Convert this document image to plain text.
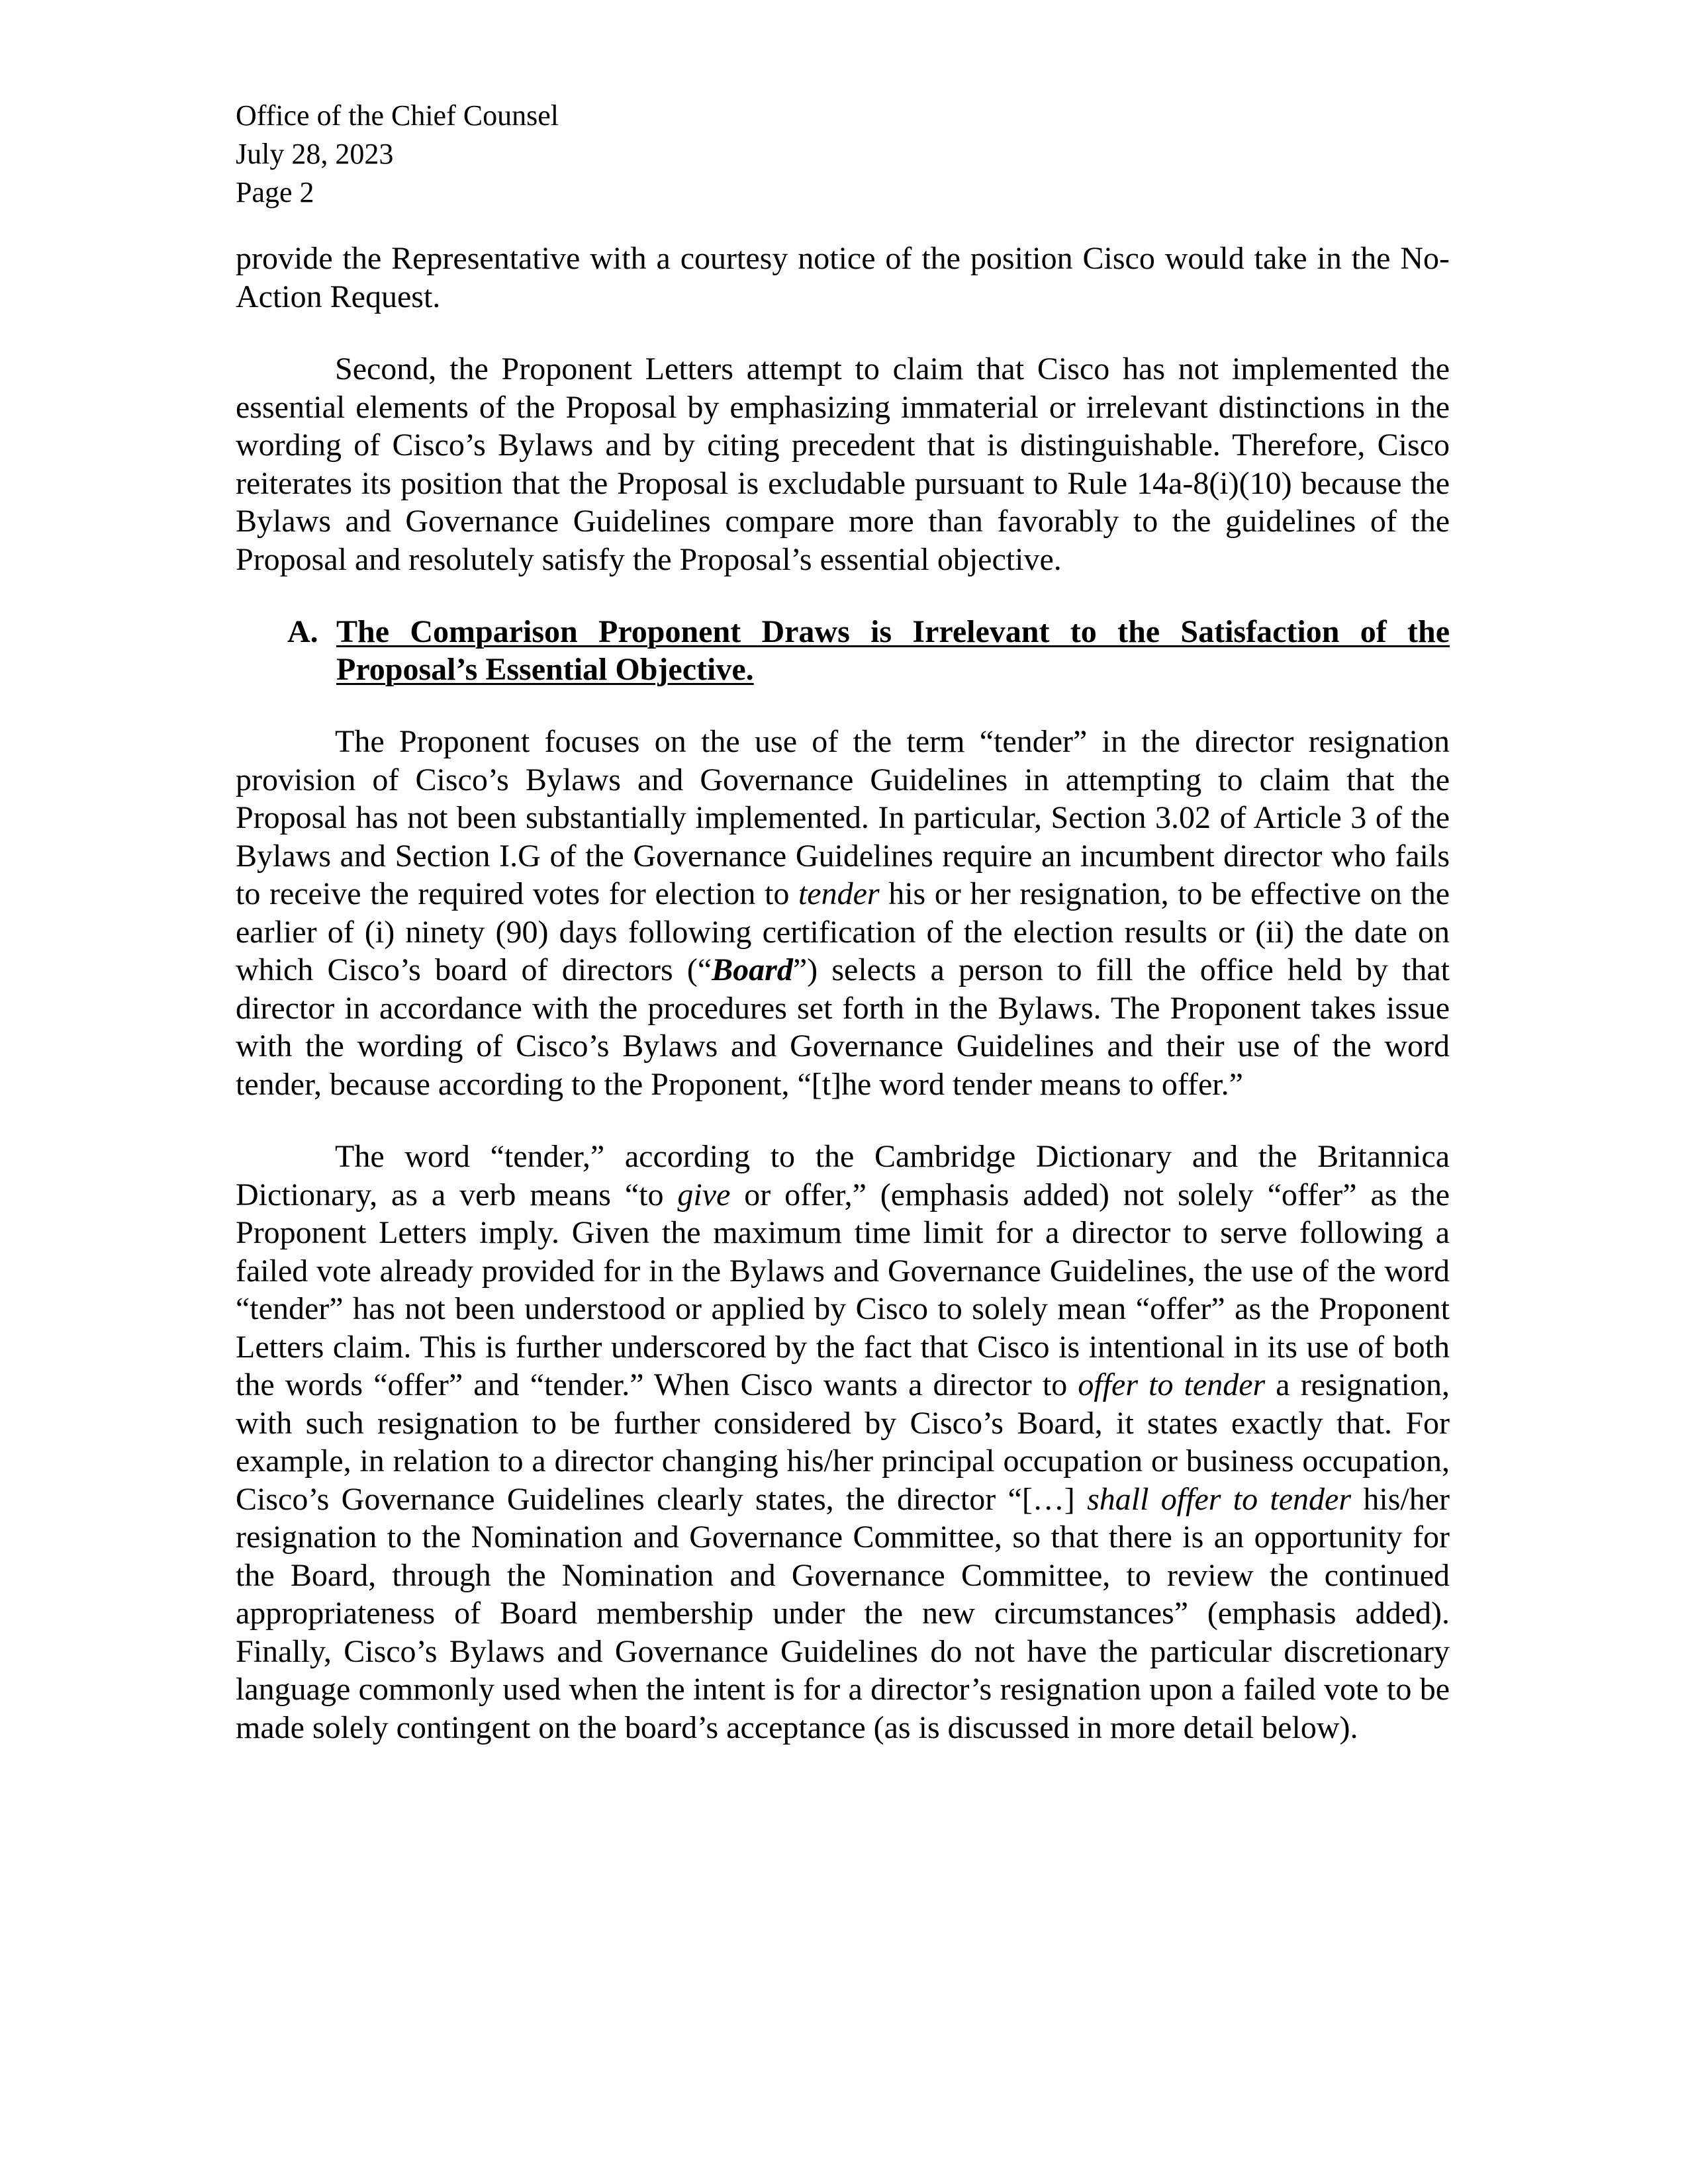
Office of the Chief Counsel
July 28, 2023
Page 2

provide the Representative with a courtesy notice of the position Cisco would take in the No-Action Request.

Second, the Proponent Letters attempt to claim that Cisco has not implemented the essential elements of the Proposal by emphasizing immaterial or irrelevant distinctions in the wording of Cisco’s Bylaws and by citing precedent that is distinguishable. Therefore, Cisco reiterates its position that the Proposal is excludable pursuant to Rule 14a-8(i)(10) because the Bylaws and Governance Guidelines compare more than favorably to the guidelines of the Proposal and resolutely satisfy the Proposal’s essential objective.

A. The Comparison Proponent Draws is Irrelevant to the Satisfaction of the Proposal’s Essential Objective.

The Proponent focuses on the use of the term “tender” in the director resignation provision of Cisco’s Bylaws and Governance Guidelines in attempting to claim that the Proposal has not been substantially implemented. In particular, Section 3.02 of Article 3 of the Bylaws and Section I.G of the Governance Guidelines require an incumbent director who fails to receive the required votes for election to tender his or her resignation, to be effective on the earlier of (i) ninety (90) days following certification of the election results or (ii) the date on which Cisco’s board of directors (“Board”) selects a person to fill the office held by that director in accordance with the procedures set forth in the Bylaws. The Proponent takes issue with the wording of Cisco’s Bylaws and Governance Guidelines and their use of the word tender, because according to the Proponent, “[t]he word tender means to offer.”

The word “tender,” according to the Cambridge Dictionary and the Britannica Dictionary, as a verb means “to give or offer,” (emphasis added) not solely “offer” as the Proponent Letters imply. Given the maximum time limit for a director to serve following a failed vote already provided for in the Bylaws and Governance Guidelines, the use of the word “tender” has not been understood or applied by Cisco to solely mean “offer” as the Proponent Letters claim. This is further underscored by the fact that Cisco is intentional in its use of both the words “offer” and “tender.” When Cisco wants a director to offer to tender a resignation, with such resignation to be further considered by Cisco’s Board, it states exactly that. For example, in relation to a director changing his/her principal occupation or business occupation, Cisco’s Governance Guidelines clearly states, the director “[…] shall offer to tender his/her resignation to the Nomination and Governance Committee, so that there is an opportunity for the Board, through the Nomination and Governance Committee, to review the continued appropriateness of Board membership under the new circumstances” (emphasis added). Finally, Cisco’s Bylaws and Governance Guidelines do not have the particular discretionary language commonly used when the intent is for a director’s resignation upon a failed vote to be made solely contingent on the board’s acceptance (as is discussed in more detail below).
